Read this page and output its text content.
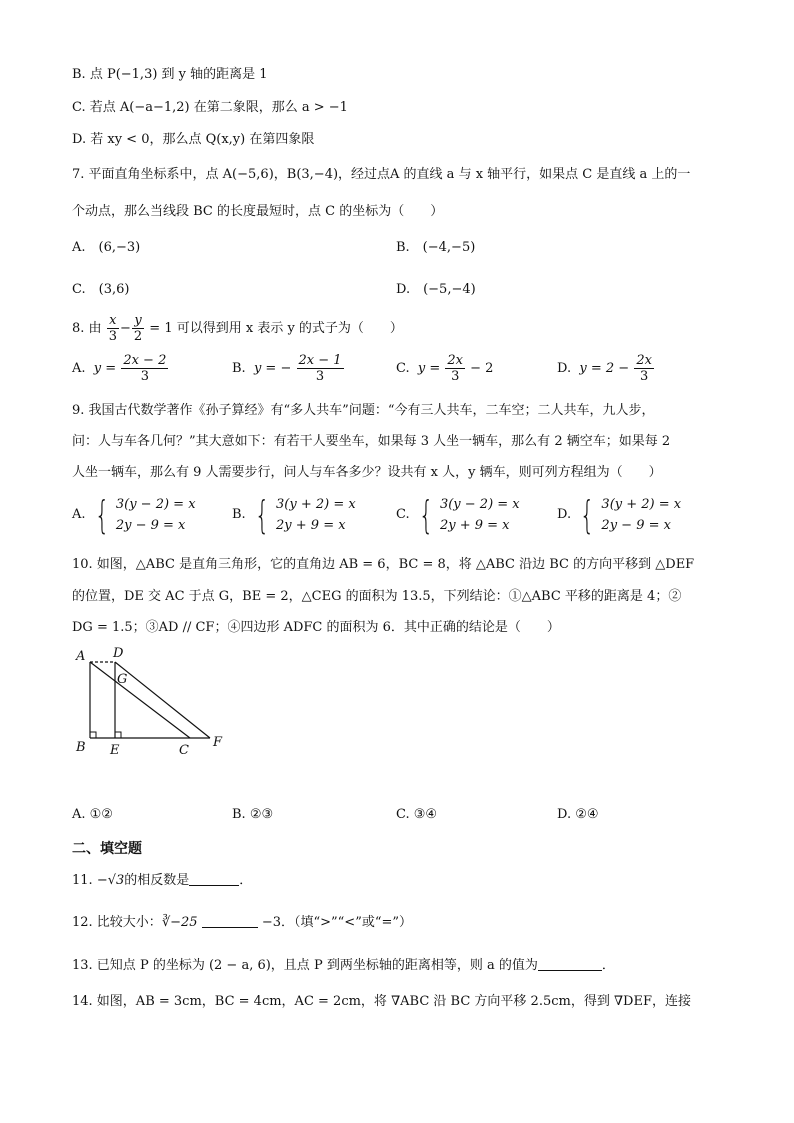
B. 点 P(−1,3) 到 y 轴的距离是 1
C. 若点 A(−a−1,2) 在第二象限，那么 a > −1
D. 若 xy < 0，那么点 Q(x,y) 在第四象限
7. 平面直角坐标系中，点 A(−5,6)，B(3,−4)，经过点A 的直线 a 与 x 轴平行，如果点 C 是直线 a 上的一
个动点，那么当线段 BC 的长度最短时，点 C 的坐标为（　　）
A.　(6,−3)	B.　(−4,−5)
C.　(3,6)	D.　(−5,−4)
8. 由 $\frac{x}{3} - \frac{y}{2} = 1$ 可以得到用 x 表示 y 的式子为（　　）
A. $y = \frac{2x - 2}{3}$	B. y = − $\frac{2x - 1}{3}$	C. $y = \frac{2x}{3} - 2$	D. $y = 2 - \frac{2x}{3}$
9. 我国古代数学著作《孙子算经》有“多人共车”问题：“今有三人共车，二车空；二人共车，九人步，
问：人与车各几何？”其大意如下：有若干人要坐车，如果每 3 人坐一辆车，那么有 2 辆空车；如果每 2
人坐一辆车，那么有 9 人需要步行，问人与车各多少？设共有 x 人，y 辆车，则可列方程组为（　　）
A.
{ 3(y − 2) = x
2y − 9 = x
B.
{ 3(y + 2) = x
2y + 9 = x
C.
{ 3(y − 2) = x
2y + 9 = x
D.
{ 3(y + 2) = x
2y − 9 = x
10. 如图，△ABC 是直角三角形，它的直角边 AB = 6，BC = 8，将 △ABC 沿边 BC 的方向平移到 △DEF
的位置，DE 交 AC 于点 G，BE = 2，△CEG 的面积为 13.5，下列结论：①△ABC 平移的距离是 4；②
DG = 1.5；③AD // CF；④四边形 ADFC 的面积为 6．其中正确的结论是（　　）
A D
G
B E	C
F
A. ①②	B. ②③	C. ③④	D. ②④
二、填空题
11. −√3的相反数是	．
12. 比较大小：∛−25	−3．（填“>”“<”或“=”）
13. 已知点 P 的坐标为 (2 − a, 6)，且点 P 到两坐标轴的距离相等，则 a 的值为	．
14. 如图，AB = 3cm，BC = 4cm，AC = 2cm，将 ∇ABC 沿 BC 方向平移 2.5cm，得到 ∇DEF，连接
